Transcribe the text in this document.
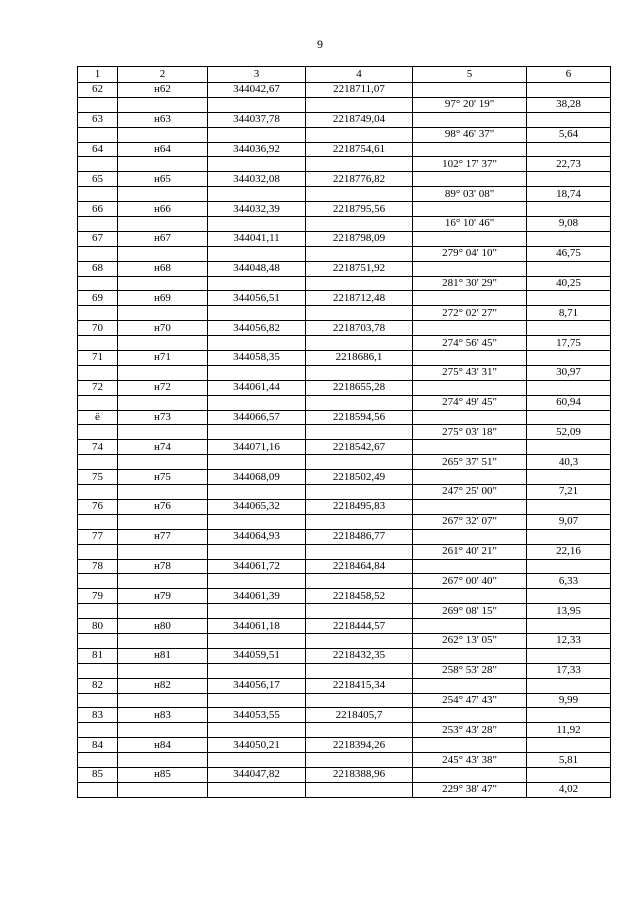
9
1	2	3	4	5	6
62	н62	344042,67	2218711,07		
				97° 20' 19"	38,28
63	н63	344037,78	2218749,04		
				98° 46' 37"	5,64
64	н64	344036,92	2218754,61		
				102° 17' 37"	22,73
65	н65	344032,08	2218776,82		
				89° 03' 08"	18,74
66	н66	344032,39	2218795,56		
				16° 10' 46"	9,08
67	н67	344041,11	2218798,09		
				279° 04' 10"	46,75
68	н68	344048,48	2218751,92		
				281° 30' 29"	40,25
69	н69	344056,51	2218712,48		
				272° 02' 27"	8,71
70	н70	344056,82	2218703,78		
				274° 56' 45"	17,75
71	н71	344058,35	2218686,1		
				275° 43' 31"	30,97
72	н72	344061,44	2218655,28		
				274° 49' 45"	60,94
ё	н73	344066,57	2218594,56		
				275° 03' 18"	52,09
74	н74	344071,16	2218542,67		
				265° 37' 51"	40,3
75	н75	344068,09	2218502,49		
				247° 25' 00"	7,21
76	н76	344065,32	2218495,83		
				267° 32' 07"	9,07
77	н77	344064,93	2218486,77		
				261° 40' 21"	22,16
78	н78	344061,72	2218464,84		
				267° 00' 40"	6,33
79	н79	344061,39	2218458,52		
				269° 08' 15"	13,95
80	н80	344061,18	2218444,57		
				262° 13' 05"	12,33
81	н81	344059,51	2218432,35		
				258° 53' 28"	17,33
82	н82	344056,17	2218415,34		
				254° 47' 43"	9,99
83	н83	344053,55	2218405,7		
				253° 43' 28"	11,92
84	н84	344050,21	2218394,26		
				245° 43' 38"	5,81
85	н85	344047,82	2218388,96		
				229° 38' 47"	4,02
